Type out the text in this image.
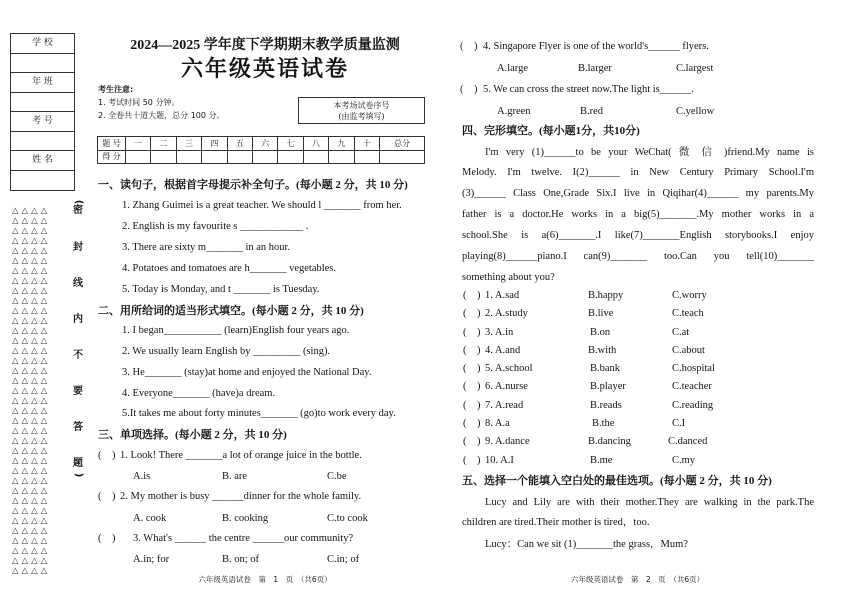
学 校
年 班
考 号
姓 名
△△△△
△△△△
△△△△
△△△△
△△△△
△△△△
△△△△
△△△△
△△△△
△△△△
△△△△
△△△△
△△△△
△△△△
△△△△
△△△△
△△△△
△△△△
△△△△
△△△△
△△△△
△△△△
△△△△
△△△△
△△△△
△△△△
△△△△
△△△△
△△△△
△△△△
△△△△
△△△△
△△△△
△△△△
△△△△
△△△△
△△△△
(
密
封
线
内
不
要
答
题
)
2024—2025 学年度下学期期末教学质量监测
六年级英语试卷
考生注意:
1. 考试时间 50 分钟。
2. 全卷共十道大题，总分 100 分。
本考场试卷序号
(由监考填写)
题 号	一	二	三	四	五	六	七	八	九	十	总分
得 分											
一、读句子，根据首字母提示补全句子。(每小题 2 分，共 10 分)
1. Zhang Guimei is a great teacher. We should l _______ from her.
2. English is my favourite s ____________ .
3. There are sixty m_______ in an hour.
4. Potatoes and tomatoes are h_______ vegetables.
5. Today is Monday, and t _______ is Tuesday.
二、用所给词的适当形式填空。(每小题 2 分，共 10 分)
1. I began___________ (learn)English four years ago.
2. We usually learn English by _________ (sing).
3. He_______ (stay)at home and enjoyed the National Day.
4. Everyone_______ (have)a dream.
5.It takes me about forty minutes_______ (go)to work every day.
三、单项选择。(每小题 2 分，共 10 分)
(    ) 1. Look! There _______a lot of orange juice in the bottle.
A.is	B. are	C.be
(    ) 2. My mother is busy ______dinner for the whole family.
A. cook	B. cooking	C.to cook
(    ) 3. What's ______ the centre ______our community?
A.in; for	B. on; of	C.in; of
六年级英语试卷　第　1　页　（共6页）
(    ) 4. Singapore Flyer is one of the world's______ flyers.
A.large	B.larger	C.largest
(    ) 5. We can cross the street now.The light is______.
A.green	B.red	C.yellow
四、完形填空。(每小题1分，共10分)
I'm very (1)______to be your WeChat( 微 信 )friend.My name is
Melody. I'm twelve. I(2)______ in New Century Primary School.I'm
(3)______ Class One,Grade Six.I live in Qiqihar(4)______ my parents.My
father is a doctor.He works in a big(5)_______.My mother works in a
school.She is a(6)_______.I like(7)_______English storybooks.I enjoy
playing(8)______piano.I can(9)_______ too.Can you tell(10)_______
something about you?
(    ) 1. A.sad	B.happy	C.worry
(    ) 2. A.study	B.live	C.teach
(    ) 3. A.in	B.on	C.at
(    ) 4. A.and	B.with	C.about
(    ) 5. A.school	B.bank	C.hospital
(    ) 6. A.nurse	B.player	C.teacher
(    ) 7. A.read	B.reads	C.reading
(    ) 8. A.a	B.the	C.I
(    ) 9. A.dance	B.dancing	C.danced
(    ) 10. A.I	B.me	C.my
五、选择一个能填入空白处的最佳选项。(每小题 2 分，共 10 分)
Lucy and Lily are with their mother.They are walking in the park.The
children are tired.Their mother is tired，too.
Lucy：Can we sit (1)_______the grass，Mum?
六年级英语试卷　第　2　页　（共6页）
